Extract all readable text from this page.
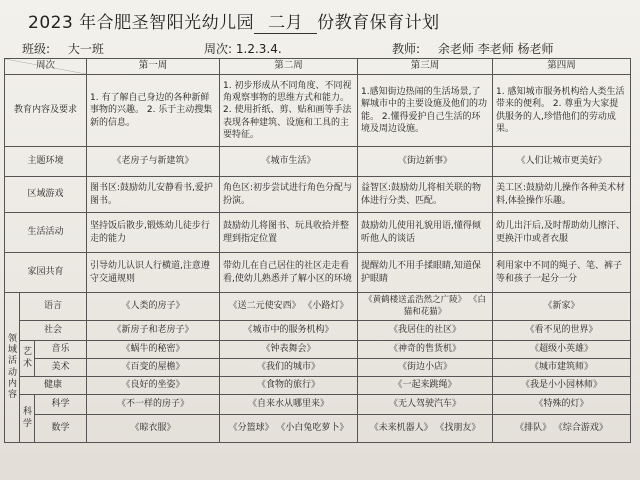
2023 年合肥圣智阳光幼儿园 二月 份教育保育计划
班级: 大一班	周次: 1.2.3.4.	教师: 余老师 李老师 杨老师
周次			第一周	第二周	第三周	第四周
教育内容及要求			1. 有了解自己身边的各种新鲜事物的兴趣。 2. 乐于主动搜集新的信息。	1. 初步形成从不同角度、不同视角观察事物的思维方式和能力。 2. 使用折纸、剪、贴和画等手法表现各种建筑、设施和工具的主要特征。	1.感知街边热闹的生活场景,了解城市中的主要设施及他们的功能。 2.懂得爱护自己生活的环境及周边设施。	1. 感知城市服务机构给人类生活带来的便利。 2. 尊重为大家提供服务的人,珍惜他们的劳动成果。
主题环境			《老房子与新建筑》	《城市生活》	《街边新事》	《人们让城市更美好》
区域游戏			图书区:鼓励幼儿安静看书,爱护图书。	角色区:初步尝试进行角色分配与扮演。	益智区:鼓励幼儿将相关联的物体进行分类、匹配。	美工区:鼓励幼儿操作各种美术材料,体验操作乐趣。
生活活动			坚持饭后散步,锻炼幼儿徒步行走的能力	鼓励幼儿将图书、玩具收拾并整理到指定位置	鼓励幼儿使用礼貌用语,懂得倾听他人的谈话	幼儿出汗后,及时帮助幼儿擦汗、更换汗巾或者衣服
家园共育			引导幼儿认识人行横道,注意遵守交通规则	带幼儿在自己居住的社区走走看看,使幼儿熟悉并了解小区的环境	提醒幼儿不用手揉眼睛,知道保护眼睛	利用家中不同的绳子、笔、裤子等和孩子一起分一分
领域活动内容	语言		《人类的房子》	《送二元使安西》 《小路灯》	《黄鹤楼送孟浩然之广陵》 《白猫和花猫》	《新家》
	社会		《新房子和老房子》	《城市中的服务机构》	《我居住的社区》	《看不见的世界》
	艺术	音乐	《蜗牛的秘密》	《钟表舞会》	《神奇的售货机》	《超级小英雄》
		美术	《百变的屋檐》	《我们的城市》	《街边小店》	《城市建筑师》
	健康		《良好的坐姿》	《食物的旅行》	《一起来跳绳》	《我是小小园林师》
	科学	科学	《不一样的房子》	《自来水从哪里来》	《无人驾驶汽车》	《特殊的灯》
		数学	《晾衣服》	《分篮球》 《小白兔吃萝卜》	《未来机器人》 《找朋友》	《排队》 《综合游戏》
